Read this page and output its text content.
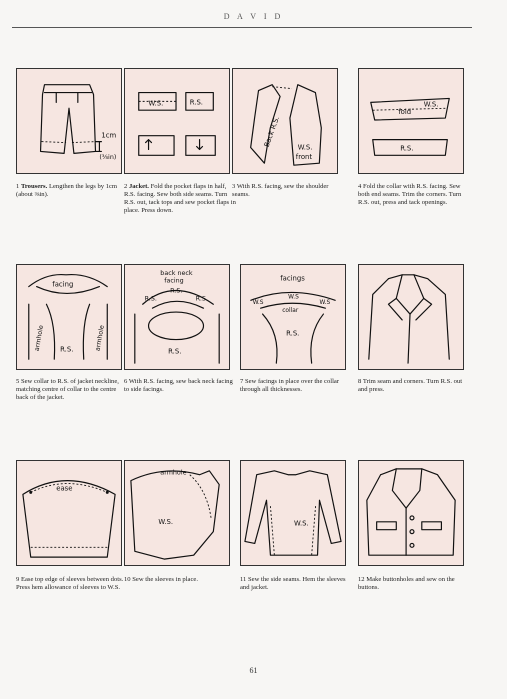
D A V I D
1cm
(⅜in)
W.S.	R.S.
Back R.S. W.S.
front
fold
W.S.
R.S.
1 Trousers. Lengthen the legs by 1cm (about ⅜in).
2 Jacket. Fold the pocket flaps in half, R.S. facing. Sew both side seams. Turn R.S. out, tack tops and sew pocket flaps in place. Press down.
3 With R.S. facing, sew the shoulder seams.
4 Fold the collar with R.S. facing. Sew both end seams. Trim the corners. Turn R.S. out, press and tack openings.
facing
armhole R.S.	armhole
back neck
facing
R.S.
R.S.
R.S.
R.S.
facings
W.S
W.S
W.S
collar
R.S.
5 Sew collar to R.S. of jacket neckline, matching centre of collar to the centre back of the jacket.
6 With R.S. facing, sew back neck facing to side facings.
7 Sew facings in place over the collar through all thicknesses.
8 Trim seam and corners. Turn R.S. out and press.
ease
armhole
W.S.	W.S.
9 Ease top edge of sleeves between dots. Press hem allowance of sleeves to W.S.
10 Sew the sleeves in place.	11 Sew the side seams. Hem the sleeves and jacket.
12 Make buttonholes and sew on the buttons.
61
